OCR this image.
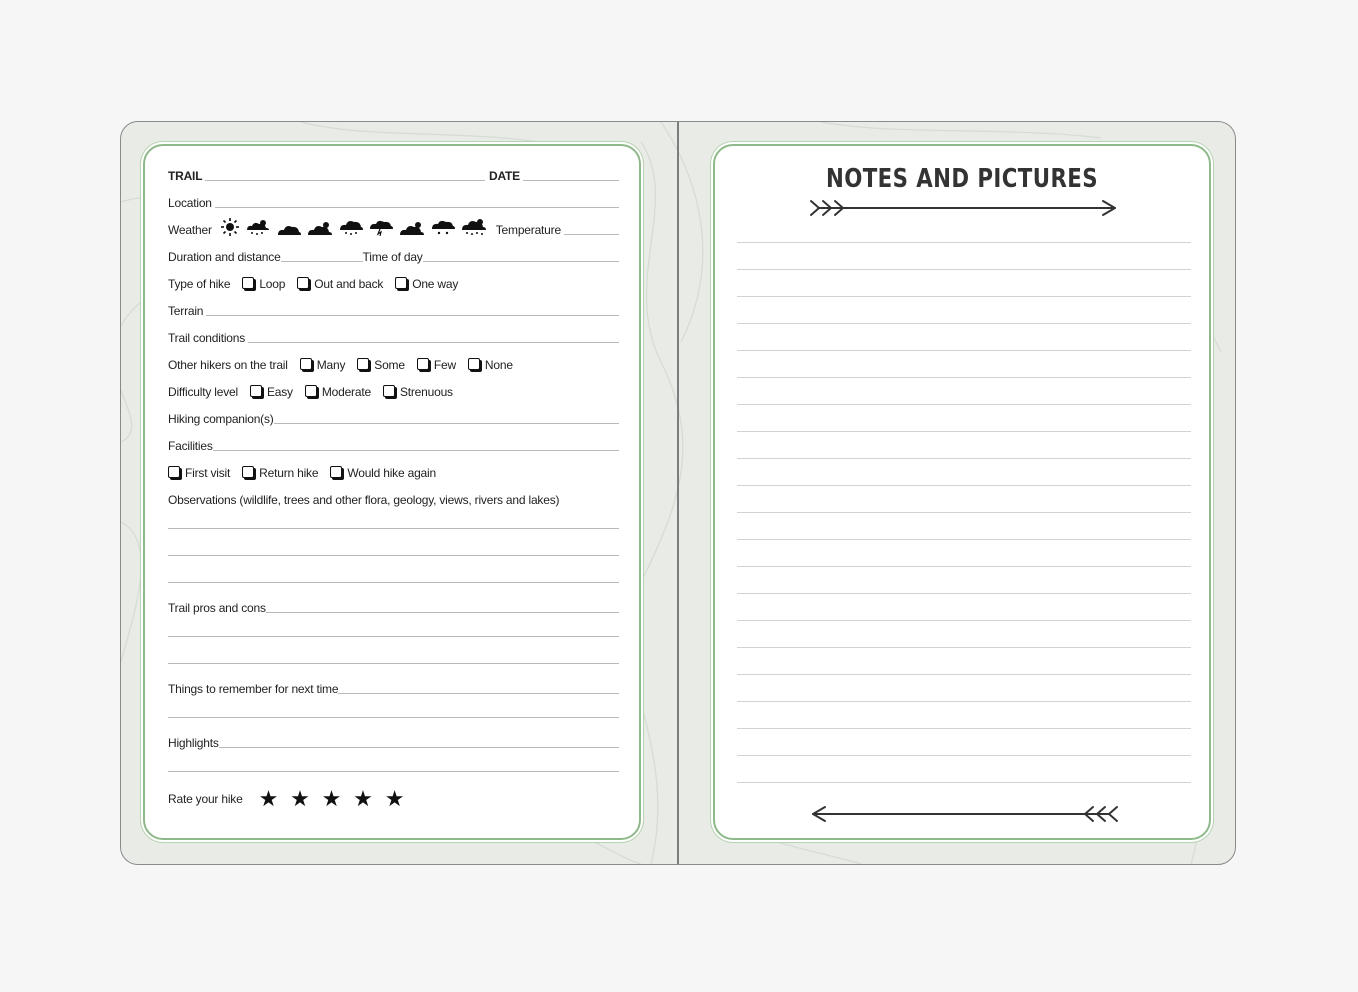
TRAIL	DATE
Location
Weather	Temperature
Duration and distance	Time of day
Type of hike Loop Out and back One way
Terrain
Trail conditions
Other hikers on the trail Many Some Few None
Difficulty level Easy Moderate Strenuous
Hiking companion(s)
Facilities
First visit Return hike Would hike again
Observations (wildlife, trees and other flora, geology, views, rivers and lakes)
Trail pros and cons
Things to remember for next time
Highlights
Rate your hike ★ ★ ★ ★ ★
NOTES AND PICTURES
